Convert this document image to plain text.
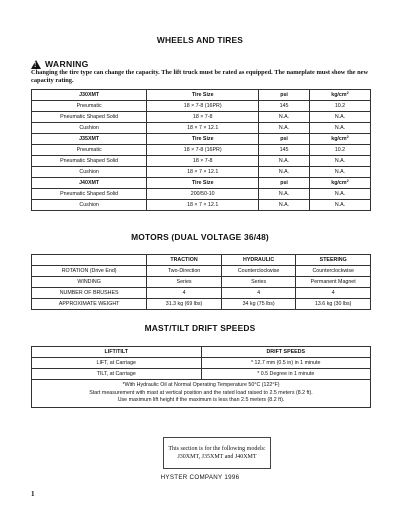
WHEELS AND TIRES
! WARNING
Changing the tire type can change the capacity. The lift truck must be rated as equipped. The nameplate must show the new capacity rating.
J30XMT	Tire Size	psi	$kg/cm^2$
Pneumatic	18 × 7-8 (16PR)	145	10.2
Pneumatic Shaped Solid	18 × 7-8	N.A.	N.A.
Cushion	18 × 7 × 12.1	N.A.	N.A.
J35XMT	Tire Size	psi	$kg/cm^2$
Pneumatic	18 × 7-8 (16PR)	145	10.2
Pneumatic Shaped Solid	18 × 7-8	N.A.	N.A.
Cushion	18 × 7 × 12.1	N.A.	N.A.
J40XMT	Tire Size	psi	$kg/cm^2$
Pneumatic Shaped Solid	200/50-10	N.A.	N.A.
Cushion	18 × 7 × 12.1	N.A.	N.A.
MOTORS (DUAL VOLTAGE 36/48)
	TRACTION	HYDRAULIC	STEERING
ROTATION (Drive End)	Two-Direction	Counterclockwise	Counterclockwise
WINDING	Series	Series	Permanent Magnet
NUMBER OF BRUSHES	4	4	4
APPROXIMATE WEIGHT	31.3 kg (69 lbs)	34 kg (75 lbs)	13.6 kg (30 lbs)
MAST/TILT DRIFT SPEEDS
LIFT/TILT	DRIFT SPEEDS
LIFT, at Carriage	* 12.7 mm (0.5 in) in 1 minute
TILT, at Carriage	* 0.5 Degree in 1 minute

*With Hydraulic Oil at Normal Operating Temperature 50°C (122°F)
Start measurement with mast at vertical position and the rated load raised to 2.5 meters (8.2 ft).
Use maximum lift height if the maximum is less than 2.5 meters (8.2 ft).	
This section is for the following models:
J30XMT, J35XMT and J40XMT
HYSTER COMPANY 1996
1
